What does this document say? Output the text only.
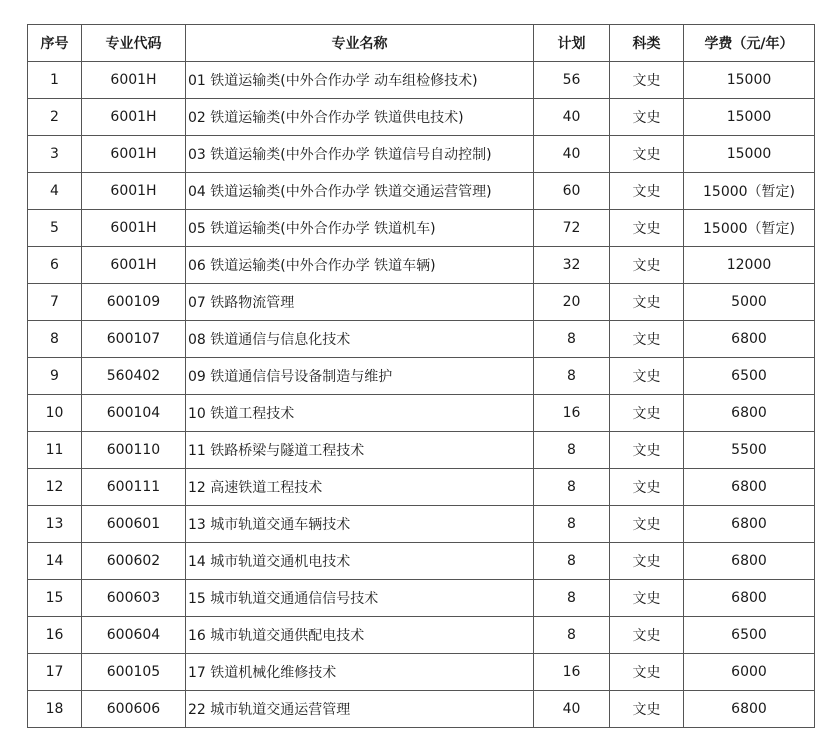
序号	专业代码	专业名称	计划	科类	学费（元/年）
1	6001H	01 铁道运输类(中外合作办学 动车组检修技术)	56	文史	15000
2	6001H	02 铁道运输类(中外合作办学 铁道供电技术)	40	文史	15000
3	6001H	03 铁道运输类(中外合作办学 铁道信号自动控制)	40	文史	15000
4	6001H	04 铁道运输类(中外合作办学 铁道交通运营管理)	60	文史	15000（暂定)
5	6001H	05 铁道运输类(中外合作办学 铁道机车)	72	文史	15000（暂定)
6	6001H	06 铁道运输类(中外合作办学 铁道车辆)	32	文史	12000
7	600109	07 铁路物流管理	20	文史	5000
8	600107	08 铁道通信与信息化技术	8	文史	6800
9	560402	09 铁道通信信号设备制造与维护	8	文史	6500
10	600104	10 铁道工程技术	16	文史	6800
11	600110	11 铁路桥梁与隧道工程技术	8	文史	5500
12	600111	12 高速铁道工程技术	8	文史	6800
13	600601	13 城市轨道交通车辆技术	8	文史	6800
14	600602	14 城市轨道交通机电技术	8	文史	6800
15	600603	15 城市轨道交通通信信号技术	8	文史	6800
16	600604	16 城市轨道交通供配电技术	8	文史	6500
17	600105	17 铁道机械化维修技术	16	文史	6000
18	600606	22 城市轨道交通运营管理	40	文史	6800
